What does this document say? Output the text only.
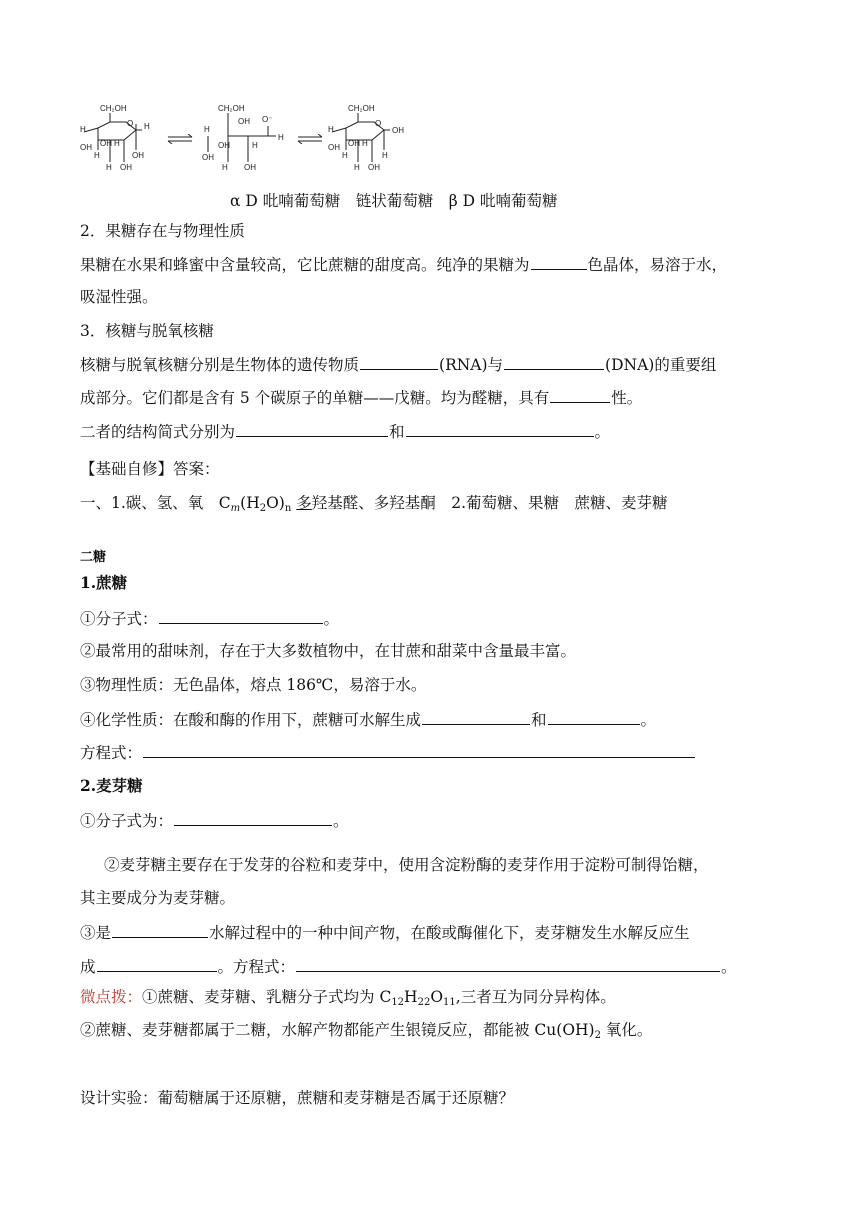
CH₂OH
O H
OH
H
OH OH H
H OH
H
CH₂OH
OH O⁻
H
H
OH
H OH
OH	H
CH₂OH
O
OH
H
H
OH OH H
H OH
H
α D 吡喃葡萄糖　链状葡萄糖　β D 吡喃葡萄糖
2．果糖存在与物理性质
果糖在水果和蜂蜜中含量较高，它比蔗糖的甜度高。纯净的果糖为	色晶体，易溶于水，
吸湿性强。
3．核糖与脱氧核糖
核糖与脱氧核糖分别是生物体的遗传物质	(RNA)与	(DNA)的重要组
成部分。它们都是含有 5 个碳原子的单糖——戊糖。均为醛糖，具有	性。
二者的结构简式分别为	和	。
【基础自修】答案：
一、1.碳、氢、氧　$C_m(H_2O)_n$ 多羟基醛、多羟基酮　2.葡萄糖、果糖　蔗糖、麦芽糖
二糖
1.蔗糖
①分子式：	。
②最常用的甜味剂，存在于大多数植物中，在甘蔗和甜菜中含量最丰富。
③物理性质：无色晶体，熔点 186℃，易溶于水。
④化学性质：在酸和酶的作用下，蔗糖可水解生成	和	。
方程式：
2.麦芽糖
①分子式为：	。
②麦芽糖主要存在于发芽的谷粒和麦芽中，使用含淀粉酶的麦芽作用于淀粉可制得饴糖，
其主要成分为麦芽糖。
③是	水解过程中的一种中间产物，在酸或酶催化下，麦芽糖发生水解反应生
成	。方程式：	。
微点拨：①蔗糖、麦芽糖、乳糖分子式均为 $C_{12}H_{22}O_{11}$,三者互为同分异构体。
②蔗糖、麦芽糖都属于二糖，水解产物都能产生银镜反应，都能被 $Cu(OH)_2$ 氧化。
设计实验：葡萄糖属于还原糖，蔗糖和麦芽糖是否属于还原糖？
